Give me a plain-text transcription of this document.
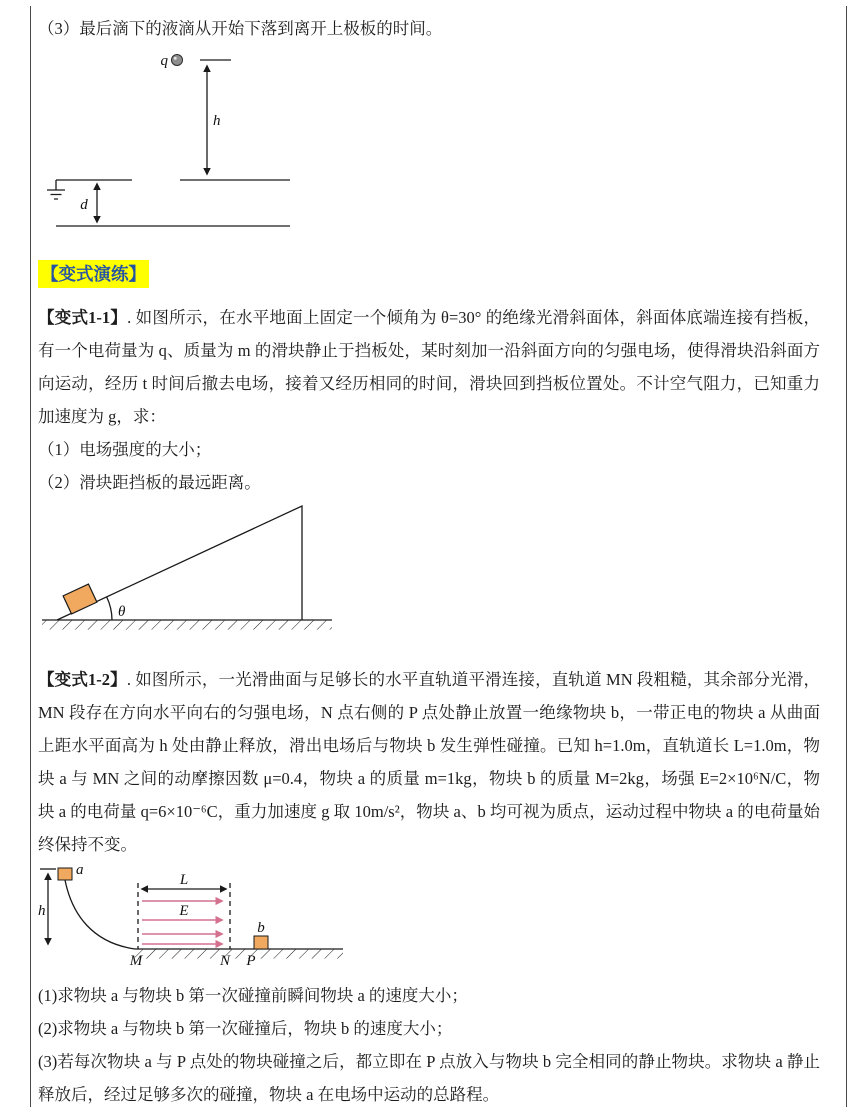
（3）最后滴下的液滴从开始下落到离开上极板的时间。

q
h
d
【变式演练】

【变式1-1】. 如图所示，在水平地面上固定一个倾角为 θ=30° 的绝缘光滑斜面体，斜面体底端连接有挡板，有一个电荷量为 q、质量为 m 的滑块静止于挡板处，某时刻加一沿斜面方向的匀强电场，使得滑块沿斜面方向运动，经历 t 时间后撤去电场，接着又经历相同的时间，滑块回到挡板位置处。不计空气阻力，已知重力加速度为 g，求：

（1）电场强度的大小；

（2）滑块距挡板的最远距离。

θ

【变式1-2】. 如图所示，一光滑曲面与足够长的水平直轨道平滑连接，直轨道 MN 段粗糙，其余部分光滑，MN 段存在方向水平向右的匀强电场，N 点右侧的 P 点处静止放置一绝缘物块 b，一带正电的物块 a 从曲面上距水平面高为 h 处由静止释放，滑出电场后与物块 b 发生弹性碰撞。已知 h=1.0m，直轨道长 L=1.0m，物块 a 与 MN 之间的动摩擦因数 μ=0.4，物块 a 的质量 m=1kg，物块 b 的质量 M=2kg，场强 E=2×10⁶N/C，物块 a 的电荷量 q=6×10⁻⁶C，重力加速度 g 取 10m/s²，物块 a、b 均可视为质点，运动过程中物块 a 的电荷量始终保持不变。

h
a
L
E
b
M	N P

(1)求物块 a 与物块 b 第一次碰撞前瞬间物块 a 的速度大小；

(2)求物块 a 与物块 b 第一次碰撞后，物块 b 的速度大小；

(3)若每次物块 a 与 P 点处的物块碰撞之后，都立即在 P 点放入与物块 b 完全相同的静止物块。求物块 a 静止释放后，经过足够多次的碰撞，物块 a 在电场中运动的总路程。
